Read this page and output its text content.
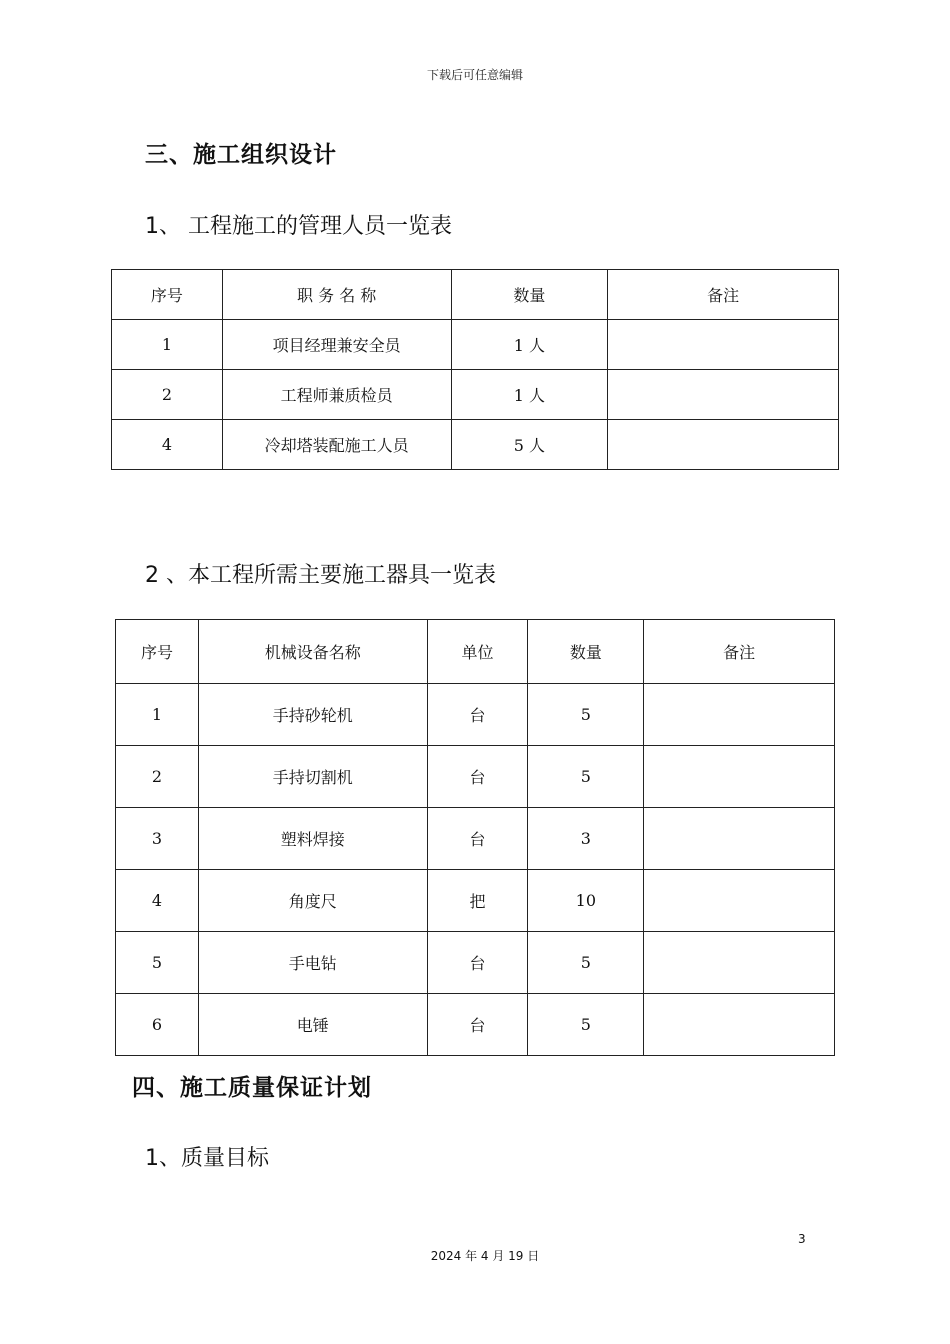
下载后可任意编辑
三、施工组织设计
1、 工程施工的管理人员一览表
序号	职 务 名 称	数量	备注
1	项目经理兼安全员	1 人	
2	工程师兼质检员	1 人	
4	冷却塔装配施工人员	5 人	
2 、本工程所需主要施工器具一览表
序号	机械设备名称	单位	数量	备注
1	手持砂轮机	台	5	
2	手持切割机	台	5	
3	塑料焊接	台	3	
4	角度尺	把	10	
5	手电钻	台	5	
6	电锤	台	5	
四、施工质量保证计划
1、质量目标
3
2024 年 4 月 19 日
